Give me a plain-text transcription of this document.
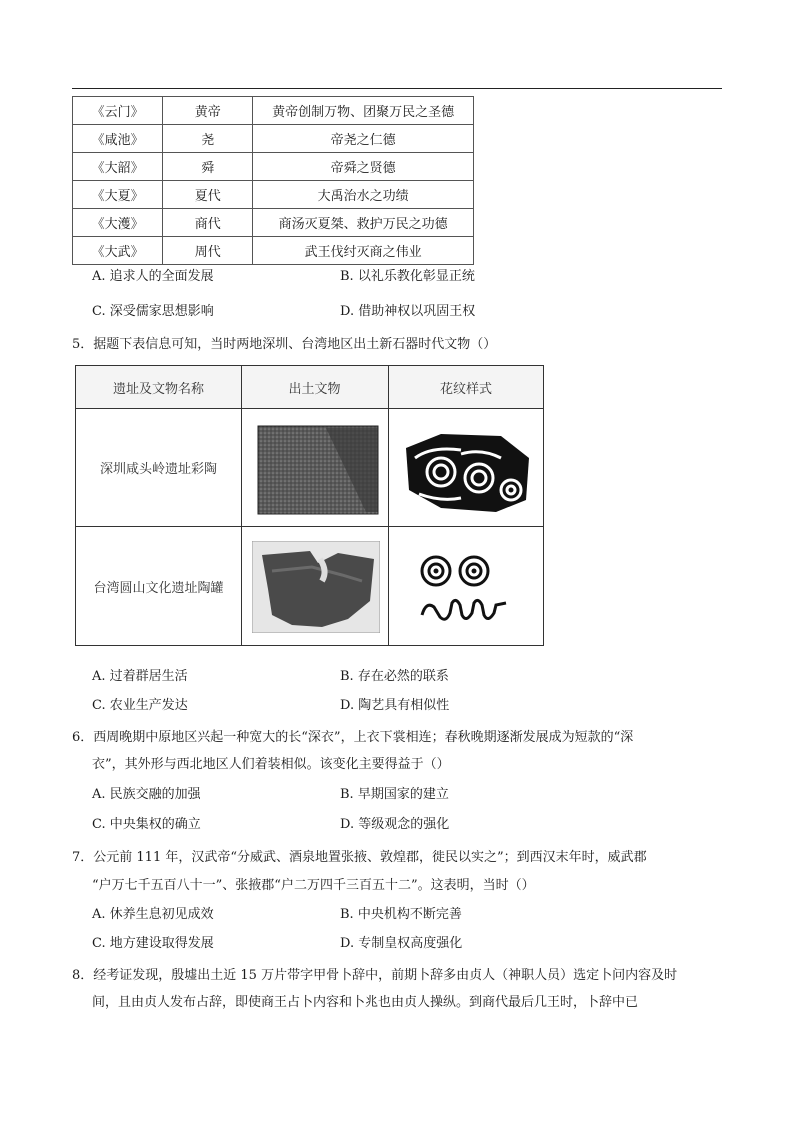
《云门》	黄帝	黄帝创制万物、团聚万民之圣德
《咸池》	尧	帝尧之仁德
《大韶》	舜	帝舜之贤德
《大夏》	夏代	大禹治水之功绩
《大濩》	商代	商汤灭夏桀、救护万民之功德
《大武》	周代	武王伐纣灭商之伟业
A. 追求人的全面发展	B. 以礼乐教化彰显正统
C. 深受儒家思想影响	D. 借助神权以巩固王权
5．据题下表信息可知，当时两地深圳、台湾地区出土新石器时代文物（）
遗址及文物名称	出土文物	花纹样式
深圳咸头岭遗址彩陶
台湾圆山文化遗址陶罐
A. 过着群居生活	B. 存在必然的联系
C. 农业生产发达	D. 陶艺具有相似性
6．西周晚期中原地区兴起一种宽大的长“深衣”，上衣下裳相连；春秋晚期逐渐发展成为短款的“深
衣”，其外形与西北地区人们着装相似。该变化主要得益于（）
A. 民族交融的加强	B. 早期国家的建立
C. 中央集权的确立	D. 等级观念的强化
7．公元前 111 年，汉武帝“分威武、酒泉地置张掖、敦煌郡，徙民以实之”；到西汉末年时，威武郡
“户万七千五百八十一”、张掖郡“户二万四千三百五十二”。这表明，当时（）
A. 休养生息初见成效	B. 中央机构不断完善
C. 地方建设取得发展	D. 专制皇权高度强化
8．经考证发现，殷墟出土近 15 万片带字甲骨卜辞中，前期卜辞多由贞人（神职人员）选定卜问内容及时
间，且由贞人发布占辞，即使商王占卜内容和卜兆也由贞人操纵。到商代最后几王时，卜辞中已
